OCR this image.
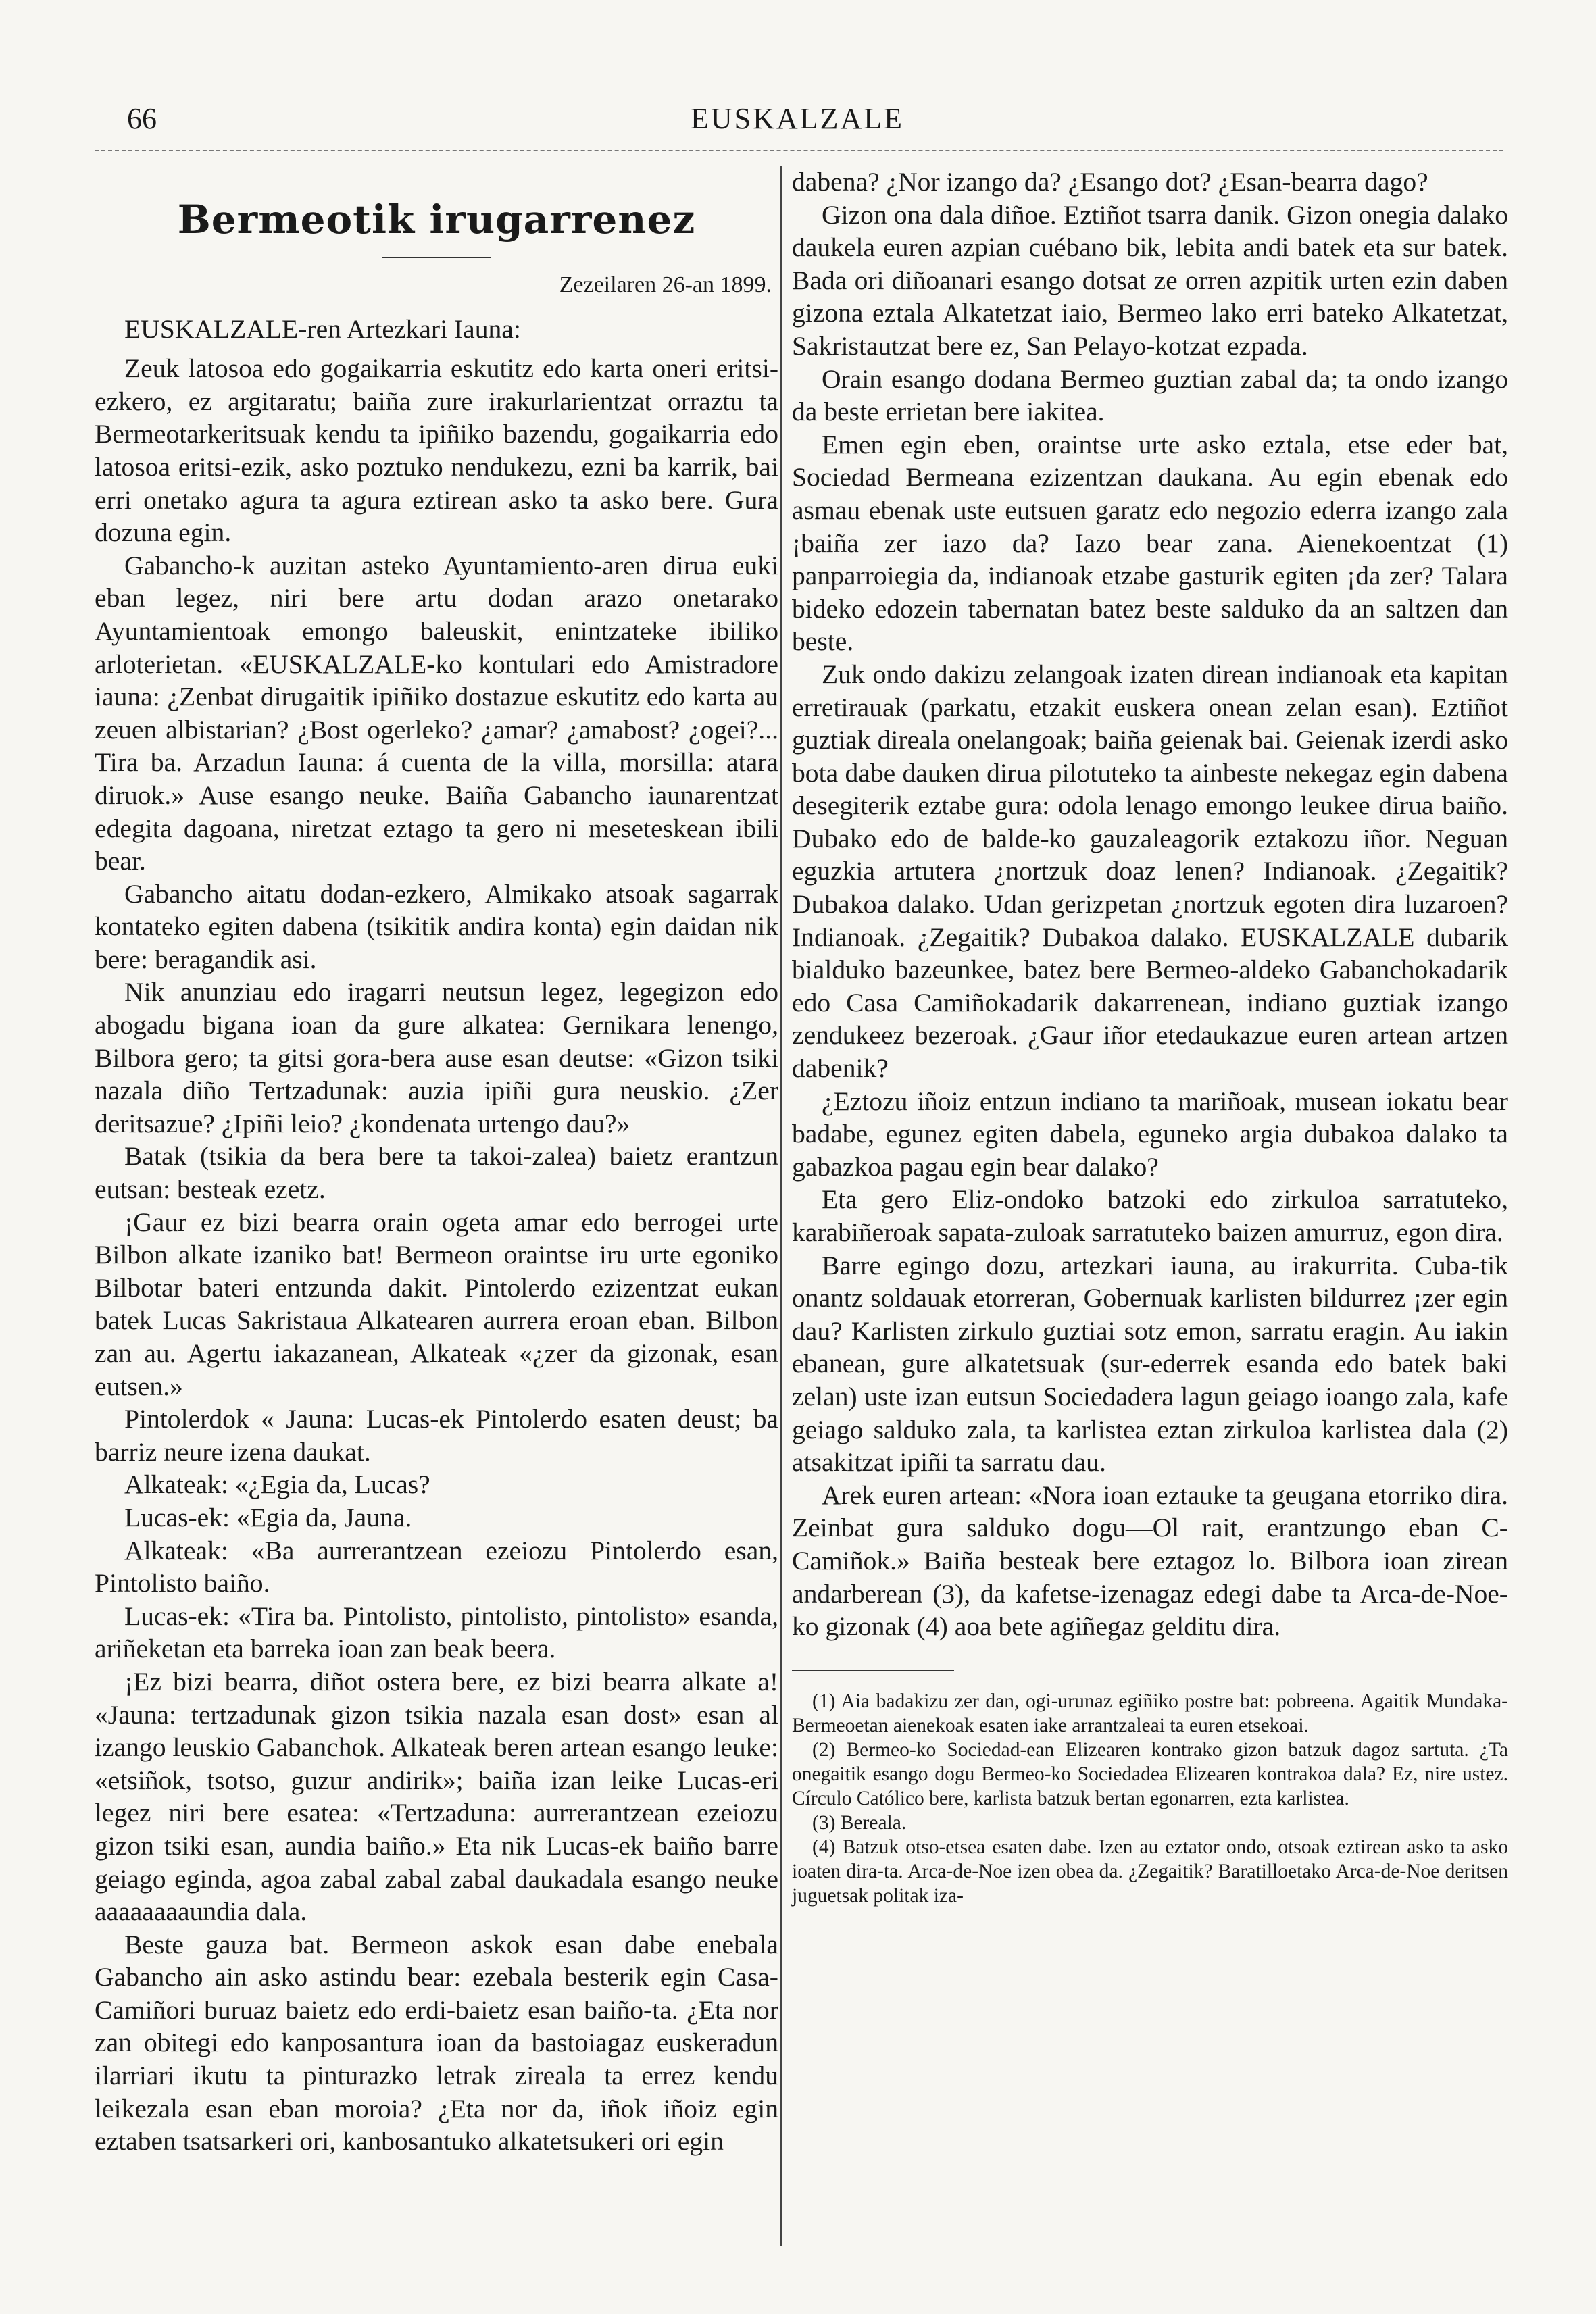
66	EUSKALZALE
Bermeotik irugarrenez
Zezeilaren 26-an 1899.
EUSKALZALE-ren Artezkari Iauna:

Zeuk latosoa edo gogaikarria eskutitz edo karta oneri eritsi-ezkero, ez argitaratu; baiña zure irakurlarientzat orraztu ta Bermeotarkeritsuak kendu ta ipiñiko bazendu, gogaikarria edo latosoa eritsi-ezik, asko poztuko nendukezu, ezni ba karrik, bai erri onetako agura ta agura eztirean asko ta asko bere. Gura dozuna egin.

Gabancho-k auzitan asteko Ayuntamiento-aren dirua euki eban legez, niri bere artu dodan arazo onetarako Ayuntamientoak emongo baleuskit, enintzateke ibiliko arloterietan. «EUSKALZALE-ko kontulari edo Amistradore iauna: ¿Zenbat dirugaitik ipiñiko dostazue eskutitz edo karta au zeuen albistarian? ¿Bost ogerleko? ¿amar? ¿amabost? ¿ogei?... Tira ba. Arzadun Iauna: á cuenta de la villa, morsilla: atara diruok.» Ause esango neuke. Baiña Gabancho iaunarentzat edegita dagoana, niretzat eztago ta gero ni meseteskean ibili bear.

Gabancho aitatu dodan-ezkero, Almikako atsoak sagarrak kontateko egiten dabena (tsikitik andira konta) egin daidan nik bere: beragandik asi.

Nik anunziau edo iragarri neutsun legez, legegizon edo abogadu bigana ioan da gure alkatea: Gernikara lenengo, Bilbora gero; ta gitsi gora-bera ause esan deutse: «Gizon tsiki nazala diño Tertzadunak: auzia ipiñi gura neuskio. ¿Zer deritsazue? ¿Ipiñi leio? ¿kondenata urtengo dau?»

Batak (tsikia da bera bere ta takoi-zalea) baietz erantzun eutsan: besteak ezetz.

¡Gaur ez bizi bearra orain ogeta amar edo berrogei urte Bilbon alkate izaniko bat! Bermeon oraintse iru urte egoniko Bilbotar bateri entzunda dakit. Pintolerdo ezizentzat eukan batek Lucas Sakristaua Alkatearen aurrera eroan eban. Bilbon zan au. Agertu iakazanean, Alkateak «¿zer da gizonak, esan eutsen.»

Pintolerdok « Jauna: Lucas-ek Pintolerdo esaten deust; ba barriz neure izena daukat.

Alkateak: «¿Egia da, Lucas?

Lucas-ek: «Egia da, Jauna.

Alkateak: «Ba aurrerantzean ezeiozu Pintolerdo esan, Pintolisto baiño.

Lucas-ek: «Tira ba. Pintolisto, pintolisto, pintolisto» esanda, ariñeketan eta barreka ioan zan beak beera.

¡Ez bizi bearra, diñot ostera bere, ez bizi bearra alkate a! «Jauna: tertzadunak gizon tsikia nazala esan dost» esan al izango leuskio Gabanchok. Alkateak beren artean esango leuke: «etsiñok, tsotso, guzur andirik»; baiña izan leike Lucas-eri legez niri bere esatea: «Tertzaduna: aurrerantzean ezeiozu gizon tsiki esan, aundia baiño.» Eta nik Lucas-ek baiño barre geiago eginda, agoa zabal zabal zabal daukadala esango neuke aaaaaaaaundia dala.

Beste gauza bat. Bermeon askok esan dabe enebala Gabancho ain asko astindu bear: ezebala besterik egin Casa-Camiñori buruaz baietz edo erdi-baietz esan baiño-ta. ¿Eta nor zan obitegi edo kanposantura ioan da bastoiagaz euskeradun ilarriari ikutu ta pinturazko letrak zireala ta errez kendu leikezala esan eban moroia? ¿Eta nor da, iñok iñoiz egin eztaben tsatsarkeri ori, kanbosantuko alkatetsukeri ori egin

dabena? ¿Nor izango da? ¿Esango dot? ¿Esan-bearra dago?

Gizon ona dala diñoe. Eztiñot tsarra danik. Gizon onegia dalako daukela euren azpian cuébano bik, lebita andi batek eta sur batek. Bada ori diñoanari esango dotsat ze orren azpitik urten ezin daben gizona eztala Alkatetzat iaio, Bermeo lako erri bateko Alkatetzat, Sakristautzat bere ez, San Pelayo-kotzat ezpada.

Orain esango dodana Bermeo guztian zabal da; ta ondo izango da beste errietan bere iakitea.

Emen egin eben, oraintse urte asko eztala, etse eder bat, Sociedad Bermeana ezizentzan daukana. Au egin ebenak edo asmau ebenak uste eutsuen garatz edo negozio ederra izango zala ¡baiña zer iazo da? Iazo bear zana. Aienekoentzat (1) panparroiegia da, indianoak etzabe gasturik egiten ¡da zer? Talara bideko edozein tabernatan batez beste salduko da an saltzen dan beste.

Zuk ondo dakizu zelangoak izaten direan indianoak eta kapitan erretirauak (parkatu, etzakit euskera onean zelan esan). Eztiñot guztiak direala onelangoak; baiña geienak bai. Geienak izerdi asko bota dabe dauken dirua pilotuteko ta ainbeste nekegaz egin dabena desegiterik eztabe gura: odola lenago emongo leukee dirua baiño. Dubako edo de balde-ko gauzaleagorik eztakozu iñor. Neguan eguzkia artutera ¿nortzuk doaz lenen? Indianoak. ¿Zegaitik? Dubakoa dalako. Udan gerizpetan ¿nortzuk egoten dira luzaroen? Indianoak. ¿Zegaitik? Dubakoa dalako. EUSKALZALE dubarik bialduko bazeunkee, batez bere Bermeo-aldeko Gabanchokadarik edo Casa Camiñokadarik dakarrenean, indiano guztiak izango zendukeez bezeroak. ¿Gaur iñor etedaukazue euren artean artzen dabenik?

¿Eztozu iñoiz entzun indiano ta mariñoak, musean iokatu bear badabe, egunez egiten dabela, eguneko argia dubakoa dalako ta gabazkoa pagau egin bear dalako?

Eta gero Eliz-ondoko batzoki edo zirkuloa sarratuteko, karabiñeroak sapata-zuloak sarratuteko baizen amurruz, egon dira.

Barre egingo dozu, artezkari iauna, au irakurrita. Cuba-tik onantz soldauak etorreran, Gobernuak karlisten bildurrez ¡zer egin dau? Karlisten zirkulo guztiai sotz emon, sarratu eragin. Au iakin ebanean, gure alkatetsuak (sur-ederrek esanda edo batek baki zelan) uste izan eutsun Sociedadera lagun geiago ioango zala, kafe geiago salduko zala, ta karlistea eztan zirkuloa karlistea dala (2) atsakitzat ipiñi ta sarratu dau.

Arek euren artean: «Nora ioan eztauke ta geugana etorriko dira. Zeinbat gura salduko dogu—Ol rait, erantzungo eban C-Camiñok.» Baiña besteak bere eztagoz lo. Bilbora ioan zirean andarberean (3), da kafetse-izenagaz edegi dabe ta Arca-de-Noe-ko gizonak (4) aoa bete agiñegaz gelditu dira.

(1) Aia badakizu zer dan, ogi-urunaz egiñiko postre bat: pobreena. Agaitik Mundaka-Bermeoetan aienekoak esaten iake arrantzaleai ta euren etsekoai.

(2) Bermeo-ko Sociedad-ean Elizearen kontrako gizon batzuk dagoz sartuta. ¿Ta onegaitik esango dogu Bermeo-ko Sociedadea Elizearen kontrakoa dala? Ez, nire ustez. Círculo Católico bere, karlista batzuk bertan egonarren, ezta karlistea.

(3) Bereala.

(4) Batzuk otso-etsea esaten dabe. Izen au eztator ondo, otsoak eztirean asko ta asko ioaten dira-ta. Arca-de-Noe izen obea da. ¿Zegaitik? Baratilloetako Arca-de-Noe deritsen juguetsak politak iza-
